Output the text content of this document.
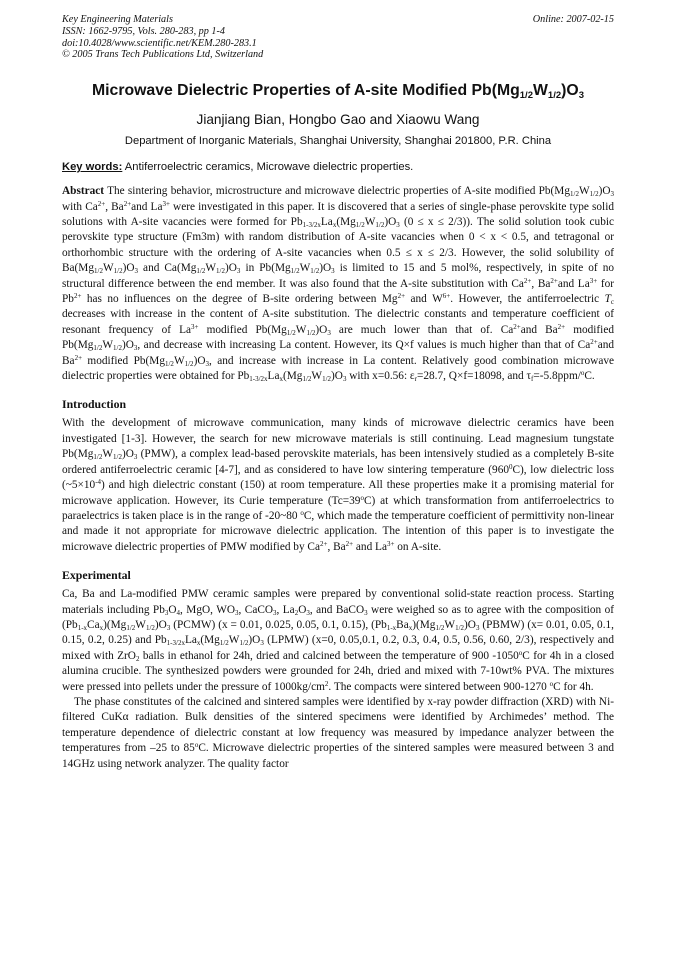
Key Engineering Materials
ISSN: 1662-9795, Vols. 280-283, pp 1-4
doi:10.4028/www.scientific.net/KEM.280-283.1
© 2005 Trans Tech Publications Ltd, Switzerland
Online: 2007-02-15
Microwave Dielectric Properties of A-site Modified $Pb(Mg_{1/2}W_{1/2})O_3$
Jianjiang Bian, Hongbo Gao and Xiaowu Wang
Department of Inorganic Materials, Shanghai University, Shanghai 201800, P.R. China
Key words: Antiferroelectric ceramics, Microwave dielectric properties.

Abstract The sintering behavior, microstructure and microwave dielectric properties of A-site modified $Pb(Mg_{1/2}W_{1/2})O_3$ with $Ca^{2+}$, $Ba^{2+}and$ $La^{3+}$ were investigated in this paper. It is discovered that a series of single-phase perovskite type solid solutions with A-site vacancies were formed for $Pb_{1-3/2x}La_x(Mg_{1/2}W_{1/2})O_3$ (0 ≤ x ≤ 2/3)). The solid solution took cubic perovskite type structure (Fm3m) with random distribution of A-site vacancies when 0 < x < 0.5, and tetragonal or orthorhombic structure with the ordering of A-site vacancies when 0.5 ≤ x ≤ 2/3. However, the solid solubility of $Ba(Mg_{1/2}W_{1/2})O_3$ and $Ca(Mg_{1/2}W_{1/2})O_3$ in $Pb(Mg_{1/2}W_{1/2})O_3$ is limited to 15 and 5 mol%, respectively, in spite of no structural difference between the end member. It was also found that the A-site substitution with $Ca^{2+}$, $Ba^{2+}and$ $La^{3+}$ for $Pb^{2+}$ has no influences on the degree of B-site ordering between $Mg^{2+}$ and $W^{6+}$. However, the antiferroelectric $T_c$ decreases with increase in the content of A-site substitution. The dielectric constants and temperature coefficient of resonant frequency of $La^{3+}$ modified $Pb(Mg_{1/2}W_{1/2})O_3$ are much lower than that of. $Ca^{2+}and$ $Ba^{2+}$ modified $Pb(Mg_{1/2}W_{1/2})O_3$, and decrease with increasing La content. However, its Q×f values is much higher than that of $Ca^{2+}and$ $Ba^{2+}$ modified $Pb(Mg_{1/2}W_{1/2})O_3$, and increase with increase in La content. Relatively good combination microwave dielectric properties were obtained for $Pb_{1-3/2x}La_x(Mg_{1/2}W_{1/2})O_3$ with x=0.56: $\varepsilon_r=28.7$, Q×f=18098, and $\tau_f=-5.8ppm/^oC$.

Introduction

With the development of microwave communication, many kinds of microwave dielectric ceramics have been investigated [1-3]. However, the search for new microwave materials is still continuing. Lead magnesium tungstate $Pb(Mg_{1/2}W_{1/2})O_3$ (PMW), a complex lead-based perovskite materials, has been intensively studied as a completely B-site ordered antiferroelectric ceramic [4-7], and as considered to have low sintering temperature $(960^0C)$, low dielectric loss $(\sim 5\times 10^{-4})$ and high dielectric constant (150) at room temperature. All these properties make it a promising material for microwave application. However, its Curie temperature $(Tc=39^oC)$ at which transformation from antiferroelectrics to paraelectrics is taken place is in the range of -20~80 $^o$C, which made the temperature coefficient of permittivity non-linear and made it not appropriate for microwave dielectric application. The intention of this paper is to investigate the microwave dielectric properties of PMW modified by $Ca^{2+}$, $Ba^{2+}$ and $La^{3+}$ on A-site.

Experimental

Ca, Ba and La-modified PMW ceramic samples were prepared by conventional solid-state reaction process. Starting materials including $Pb_3O_4$, MgO, $WO_3$, CaCO$_3$, $La_2O_3$, and BaCO$_3$ were weighed so as to agree with the composition of $(Pb_{1-x}Ca_x)(Mg_{1/2}W_{1/2})O_3$ (PCMW) (x = 0.01, 0.025, 0.05, 0.1, 0.15), $(Pb_{1-x}Ba_x)(Mg_{1/2}W_{1/2})O_3$ (PBMW) (x= 0.01, 0.05, 0.1, 0.15, 0.2, 0.25) and $Pb_{1-3/2x}La_x(Mg_{1/2}W_{1/2})O_3$ (LPMW) (x=0, 0.05,0.1, 0.2, 0.3, 0.4, 0.5, 0.56, 0.60, 2/3), respectively and mixed with ZrO$_2$ balls in ethanol for 24h, dried and calcined between the temperature of 900 -1050$^o$C for 4h in a closed alumina crucible. The synthesized powders were grounded for 24h, dried and mixed with 7-10wt% PVA. The mixtures were pressed into pellets under the pressure of $1000kg/cm^2$. The compacts were sintered between 900-1270 $^o$C for 4h.

The phase constitutes of the calcined and sintered samples were identified by x-ray powder diffraction (XRD) with Ni-filtered CuKα radiation. Bulk densities of the sintered specimens were identified by Archimedes’ method. The temperature dependence of dielectric constant at low frequency was measured by impedance analyzer between the temperatures from –25 to 85$^o$C. Microwave dielectric properties of the sintered samples were measured between 3 and 14GHz using network analyzer. The quality factor
